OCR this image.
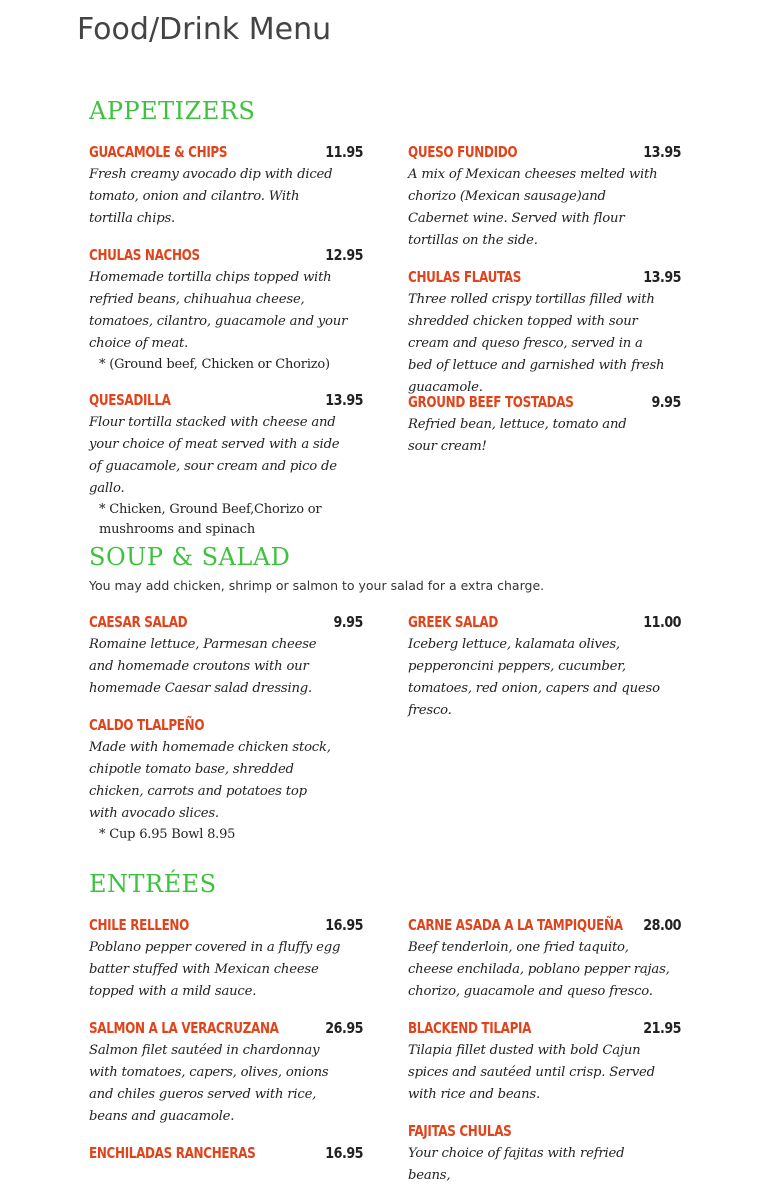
Food/Drink Menu
APPETIZERS
GUACAMOLE & CHIPS	11.95
Fresh creamy avocado dip with diced tomato, onion and cilantro. With tortilla chips.
QUESO FUNDIDO	13.95
A mix of Mexican cheeses melted with chorizo (Mexican sausage)and Cabernet wine. Served with flour tortillas on the side.
CHULAS NACHOS	12.95
Homemade tortilla chips topped with refried beans, chihuahua cheese, tomatoes, cilantro, guacamole and your choice of meat.
* (Ground beef, Chicken or Chorizo)
CHULAS FLAUTAS	13.95
Three rolled crispy tortillas filled with shredded chicken topped with sour cream and queso fresco, served in a bed of lettuce and garnished with fresh guacamole.
QUESADILLA	13.95
Flour tortilla stacked with cheese and your choice of meat served with a side of guacamole, sour cream and pico de gallo.
* Chicken, Ground Beef,Chorizo or mushrooms and spinach
GROUND BEEF TOSTADAS	9.95
Refried bean, lettuce, tomato and sour cream!
SOUP & SALAD
You may add chicken, shrimp or salmon to your salad for a extra charge.
CAESAR SALAD	9.95
Romaine lettuce, Parmesan cheese and homemade croutons with our homemade Caesar salad dressing.
GREEK SALAD	11.00
Iceberg lettuce, kalamata olives, pepperoncini peppers, cucumber, tomatoes, red onion, capers and queso fresco.
CALDO TLALPEÑO
Made with homemade chicken stock, chipotle tomato base, shredded chicken, carrots and potatoes top with avocado slices.
* Cup 6.95 Bowl 8.95
ENTRÉES
CHILE RELLENO	16.95
Poblano pepper covered in a fluffy egg batter stuffed with Mexican cheese topped with a mild sauce.
CARNE ASADA A LA TAMPIQUEÑA 28.00
Beef tenderloin, one fried taquito, cheese enchilada, poblano pepper rajas, chorizo, guacamole and queso fresco.
SALMON A LA VERACRUZANA	26.95
Salmon filet sautéed in chardonnay with tomatoes, capers, olives, onions and chiles gueros served with rice, beans and guacamole.
BLACKEND TILAPIA	21.95
Tilapia fillet dusted with bold Cajun spices and sautéed until crisp. Served with rice and beans.
FAJITAS CHULAS
Your choice of fajitas with refried beans,
ENCHILADAS RANCHERAS	16.95
